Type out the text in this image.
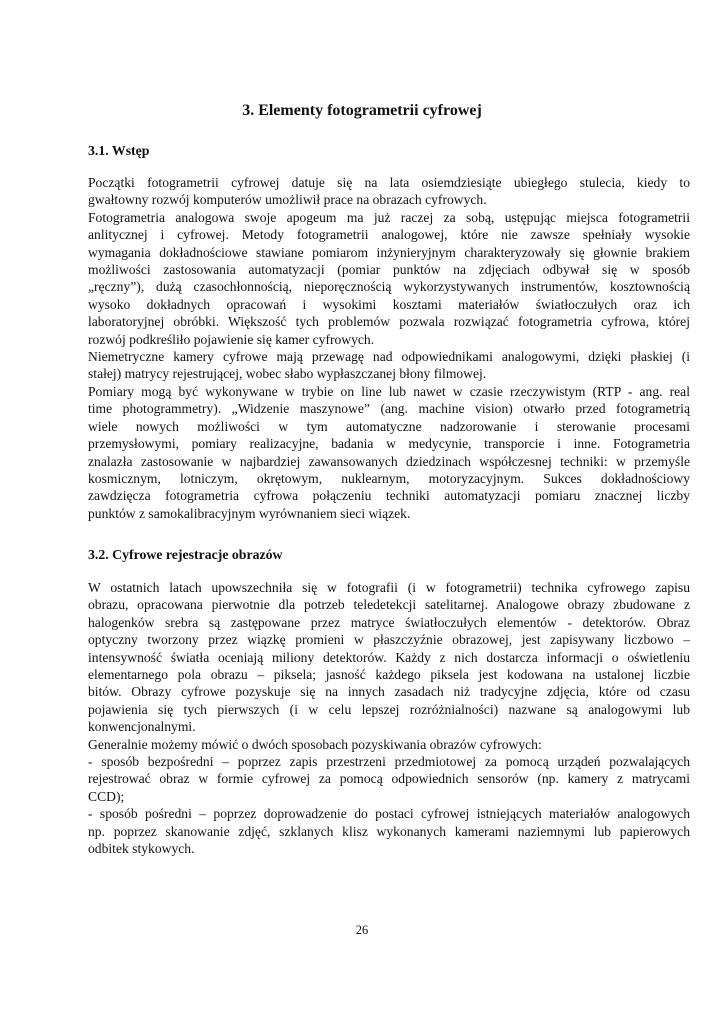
3. Elementy fotogrametrii cyfrowej
3.1. Wstęp
Początki fotogrametrii cyfrowej datuje się na lata osiemdziesiąte ubiegłego stulecia, kiedy to
gwałtowny rozwój komputerów umożliwił prace na obrazach cyfrowych.
Fotogrametria analogowa swoje apogeum ma już raczej za sobą, ustępując miejsca fotogrametrii
anlitycznej i cyfrowej. Metody fotogrametrii analogowej, które nie zawsze spełniały wysokie
wymagania dokładnościowe stawiane pomiarom inżynieryjnym charakteryzowały się głownie brakiem
możliwości zastosowania automatyzacji (pomiar punktów na zdjęciach odbywał się w sposób
„ręczny”), dużą czasochłonnością, nieporęcznością wykorzystywanych instrumentów, kosztownością
wysoko dokładnych opracowań i wysokimi kosztami materiałów światłoczułych oraz ich
laboratoryjnej obróbki. Większość tych problemów pozwala rozwiązać fotogrametria cyfrowa, której
rozwój podkreśliło pojawienie się kamer cyfrowych.
Niemetryczne kamery cyfrowe mają przewagę nad odpowiednikami analogowymi, dzięki płaskiej (i
stałej) matrycy rejestrującej, wobec słabo wypłaszczanej błony filmowej.
Pomiary mogą być wykonywane w trybie on line lub nawet w czasie rzeczywistym (RTP - ang. real
time photogrammetry). „Widzenie maszynowe” (ang. machine vision) otwarło przed fotogrametrią
wiele nowych możliwości w tym automatyczne nadzorowanie i sterowanie procesami
przemysłowymi, pomiary realizacyjne, badania w medycynie, transporcie i inne. Fotogrametria
znalazła zastosowanie w najbardziej zawansowanych dziedzinach współczesnej techniki: w przemyśle
kosmicznym, lotniczym, okrętowym, nuklearnym, motoryzacyjnym. Sukces dokładnościowy
zawdzięcza fotogrametria cyfrowa połączeniu techniki automatyzacji pomiaru znacznej liczby
punktów z samokalibracyjnym wyrównaniem sieci wiązek.
3.2. Cyfrowe rejestracje obrazów
W ostatnich latach upowszechniła się w fotografii (i w fotogrametrii) technika cyfrowego zapisu
obrazu, opracowana pierwotnie dla potrzeb teledetekcji satelitarnej. Analogowe obrazy zbudowane z
halogenków srebra są zastępowane przez matryce światłoczułych elementów - detektorów. Obraz
optyczny tworzony przez wiązkę promieni w płaszczyźnie obrazowej, jest zapisywany liczbowo –
intensywność światła oceniają miliony detektorów. Każdy z nich dostarcza informacji o oświetleniu
elementarnego pola obrazu – piksela; jasność każdego piksela jest kodowana na ustalonej liczbie
bitów. Obrazy cyfrowe pozyskuje się na innych zasadach niż tradycyjne zdjęcia, które od czasu
pojawienia się tych pierwszych (i w celu lepszej rozróżnialności) nazwane są analogowymi lub
konwencjonalnymi.
Generalnie możemy mówić o dwóch sposobach pozyskiwania obrazów cyfrowych:
- sposób bezpośredni – poprzez zapis przestrzeni przedmiotowej za pomocą urządeń pozwalających
rejestrować obraz w formie cyfrowej za pomocą odpowiednich sensorów (np. kamery z matrycami
CCD);
- sposób pośredni – poprzez doprowadzenie do postaci cyfrowej istniejących materiałów analogowych
np. poprzez skanowanie zdjęć, szklanych klisz wykonanych kamerami naziemnymi lub papierowych
odbitek stykowych.
26
